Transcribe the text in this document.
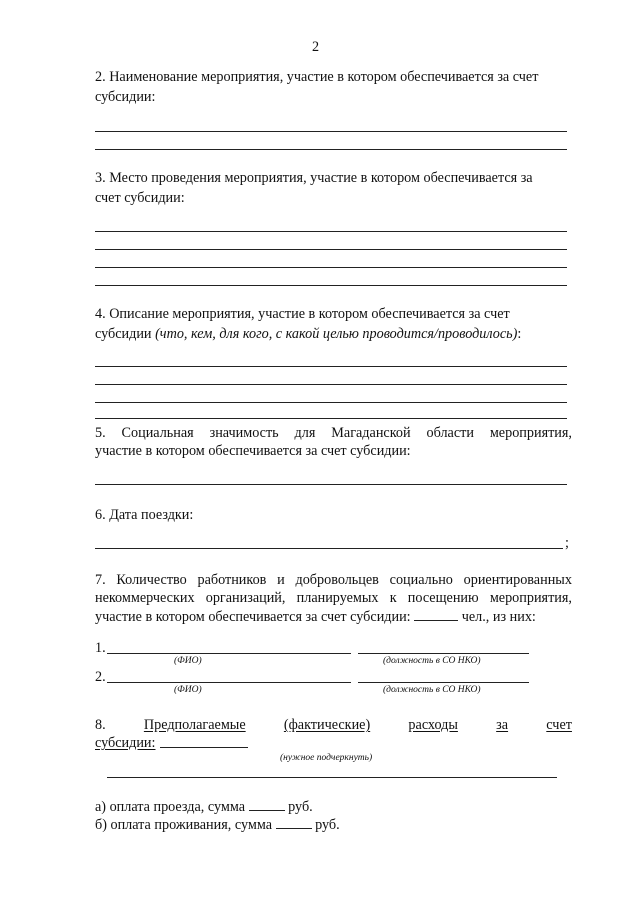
2
2. Наименование мероприятия, участие в котором обеспечивается за счет
субсидии:
3. Место проведения мероприятия, участие в котором обеспечивается за
счет субсидии:
4. Описание мероприятия, участие в котором обеспечивается за счет
субсидии (что, кем, для кого, с какой целью проводится/проводилось):
5. Социальная значимость для Магаданской области мероприятия,
участие в котором обеспечивается за счет субсидии:
6. Дата поездки:
;
7. Количество работников и добровольцев социально ориентированных
некоммерческих организаций, планируемых к посещению мероприятия,
участие в котором обеспечивается за счет субсидии:	чел., из них:
1.
(ФИО)	(должность в СО НКО)
2.
(ФИО)	(должность в СО НКО)
8.	Предполагаемые	(фактические)	расходы	за	счет
субсидии:
(нужное подчеркнуть)
а) оплата проезда, сумма	руб.
б) оплата проживания, сумма	руб.
